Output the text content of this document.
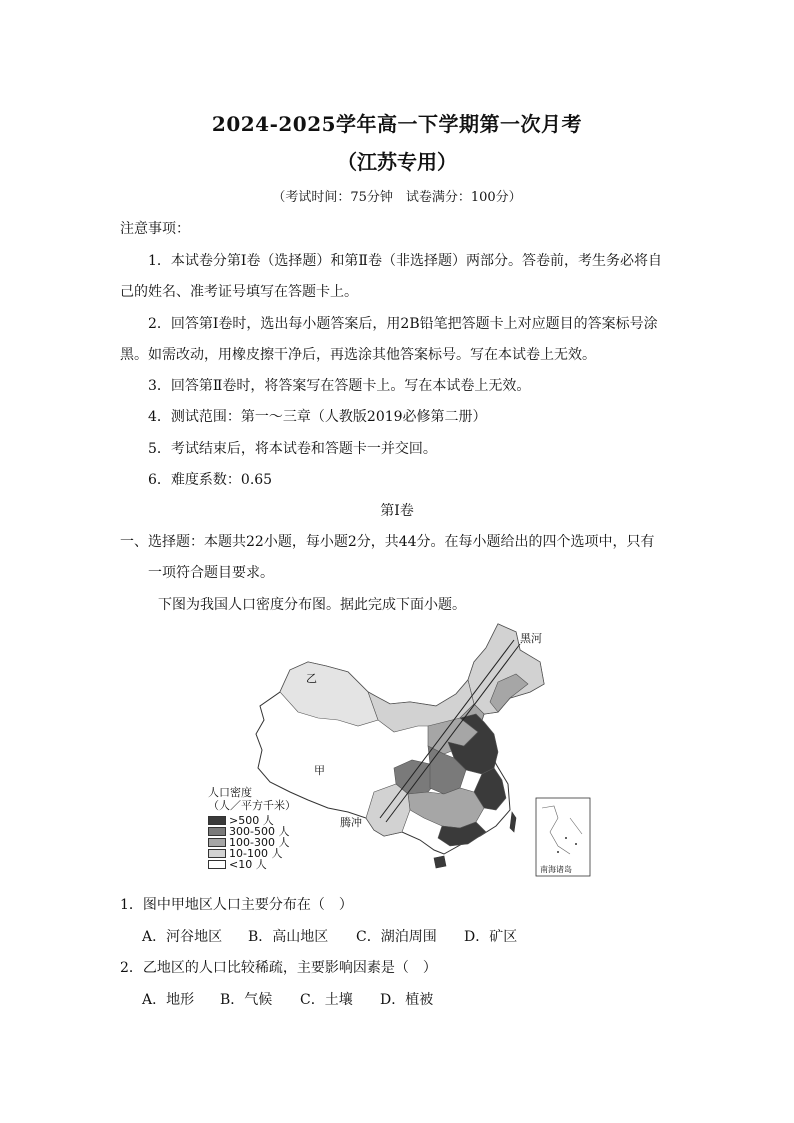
2024-2025学年高一下学期第一次月考
（江苏专用）
（考试时间：75分钟　试卷满分：100分）
注意事项：
1．本试卷分第Ⅰ卷（选择题）和第Ⅱ卷（非选择题）两部分。答卷前，考生务必将自
己的姓名、准考证号填写在答题卡上。
2．回答第Ⅰ卷时，选出每小题答案后，用2B铅笔把答题卡上对应题目的答案标号涂
黑。如需改动，用橡皮擦干净后，再选涂其他答案标号。写在本试卷上无效。
3．回答第Ⅱ卷时，将答案写在答题卡上。写在本试卷上无效。
4．测试范围：第一～三章（人教版2019必修第二册）
5．考试结束后，将本试卷和答题卡一并交回。
6．难度系数：0.65
第Ⅰ卷
一、选择题：本题共22小题，每小题2分，共44分。在每小题给出的四个选项中，只有
一项符合题目要求。
下图为我国人口密度分布图。据此完成下面小题。
黑河
乙
甲
腾冲
南海诸岛
人口密度
（人／平方千米）
>500 人
300-500 人
100-300 人
10-100 人
<10 人
1．图中甲地区人口主要分布在（　）
A．河谷地区 B．高山地区 C．湖泊周围 D．矿区
2．乙地区的人口比较稀疏，主要影响因素是（　）
A．地形 B．气候 C．土壤 D．植被
